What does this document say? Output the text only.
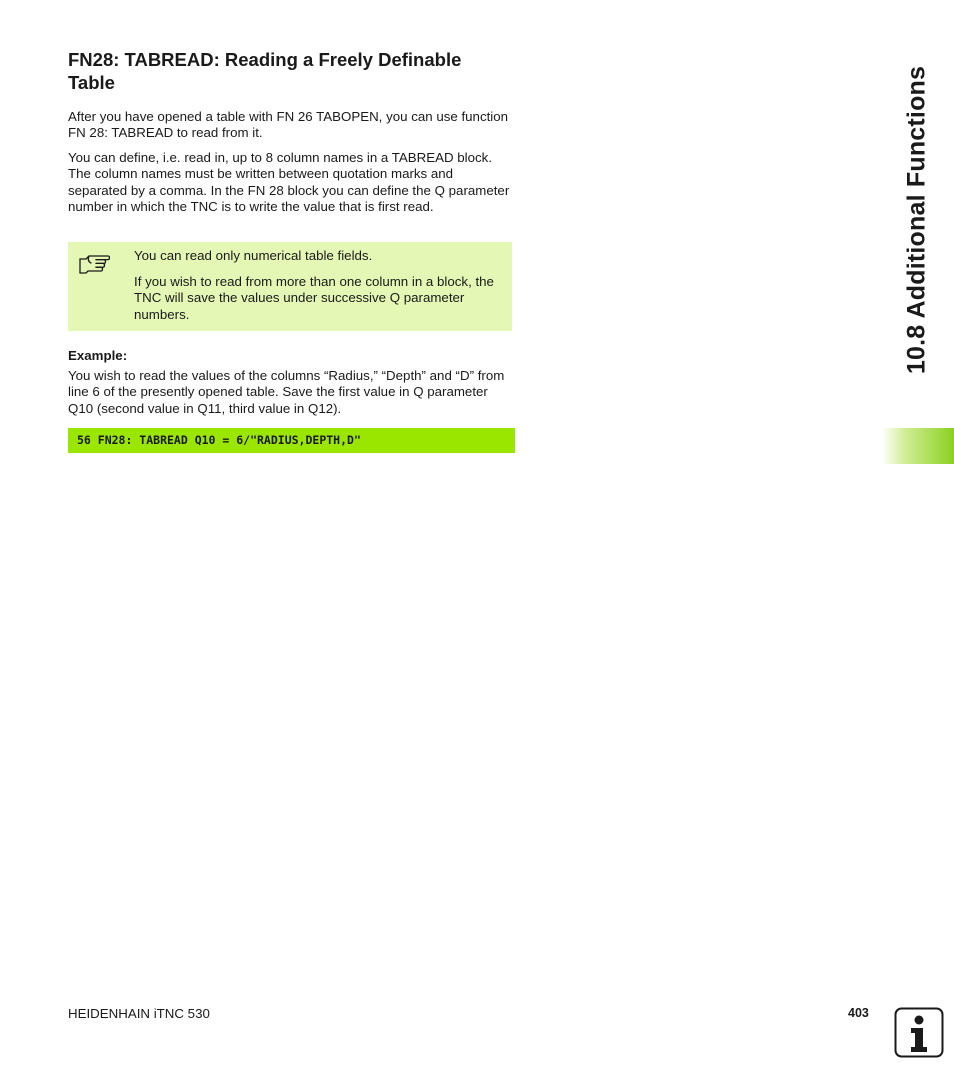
FN28: TABREAD: Reading a Freely Definable Table

After you have opened a table with FN 26 TABOPEN, you can use function FN 28: TABREAD to read from it.

You can define, i.e. read in, up to 8 column names in a TABREAD block. The column names must be written between quotation marks and separated by a comma. In the FN 28 block you can define the Q parameter number in which the TNC is to write the value that is first read.

You can read only numerical table fields.

If you wish to read from more than one column in a block, the TNC will save the values under successive Q parameter numbers.

Example:

You wish to read the values of the columns “Radius,” “Depth” and “D” from line 6 of the presently opened table. Save the first value in Q parameter Q10 (second value in Q11, third value in Q12).

56 FN28: TABREAD Q10 = 6/"RADIUS,DEPTH,D"
10.8 Additional Functions
HEIDENHAIN iTNC 530	403
